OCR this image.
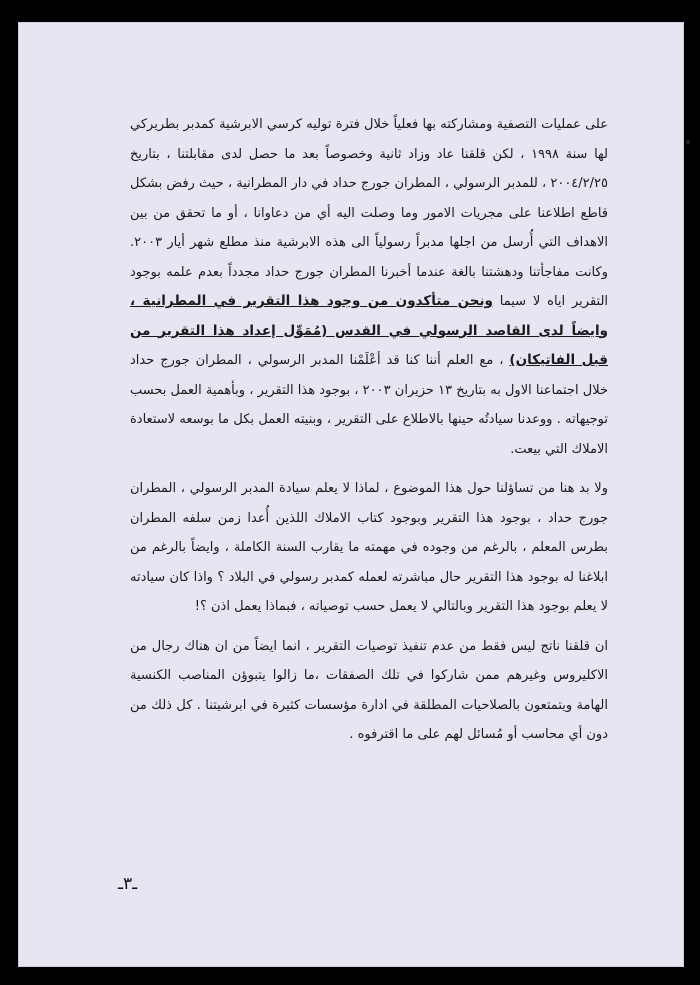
على عمليات التصفية ومشاركته بها فعلياً خلال فترة توليه كرسي الابرشية كمدبر بطريركي لها سنة ١٩٩٨ ، لكن قلقنا عاد وزاد ثانية وخصوصاً بعد ما حصل لدى مقابلتنا ، بتاريخ ٢٠٠٤/٢/٢٥ ، للمدبر الرسولي ، المطران جورج حداد في دار المطرانية ، حيث رفض بشكل قاطع اطلاعنا على مجريات الامور وما وصلت اليه أي من دعاوانا ، أو ما تحقق من بين الاهداف التي أُرسل من اجلها مدبراً رسولياً الى هذه الابرشية منذ مطلع شهر أيار ٢٠٠٣. وكانت مفاجأتنا ودهشتنا بالغة عندما أخبرنا المطران جورج حداد مجدداً بعدم علمه بوجود التقرير اياه لا سيما ونحن متأكدون من وجود هذا التقرير في المطرانية ، وايضاً لدى القاصد الرسولي في القدس (مُمَوِّل إعداد هذا التقرير من قبل الفاتيكان) ، مع العلم أننا كنا قد أعْلَمْنا المدبر الرسولي ، المطران جورج حداد خلال اجتماعنا الاول به بتاريخ ١٣ حزيران ٢٠٠٣ ، بوجود هذا التقرير ، وبأهمية العمل بحسب توجيهاته . ووعدنا سيادتُه حينها بالاطلاع على التقرير ، وبنيته العمل بكل ما بوسعه لاستعادة الاملاك التي بيعت.

ولا بد هنا من تساؤلنا حول هذا الموضوع ، لماذا لا يعلم سيادة المدبر الرسولي ، المطران جورج حداد ، بوجود هذا التقرير وبوجود كتاب الاملاك اللذين أُعدا زمن سلفه المطران بطرس المعلم ، بالرغم من وجوده في مهمته ما يقارب السنة الكاملة ، وايضاً بالرغم من ابلاغنا له بوجود هذا التقرير حال مباشرته لعمله كمدبر رسولي في البلاد ؟ واذا كان سيادته لا يعلم بوجود هذا التقرير وبالتالي لا يعمل حسب توصياته ، فبماذا يعمل اذن ؟!

ان قلقنا ناتج ليس فقط من عدم تنفيذ توصيات التقرير ، انما ايضاً من ان هناك رجال من الاكليروس وغيرهم ممن شاركوا في تلك الصفقات ،ما زالوا يتبوؤن المناصب الكنسية الهامة ويتمتعون بالصلاحيات المطلقة في ادارة مؤسسات كثيرة في ابرشيتنا . كل ذلك من دون أي محاسب أو مُسائل لهم على ما اقترفوه .

ـ٣ـ
